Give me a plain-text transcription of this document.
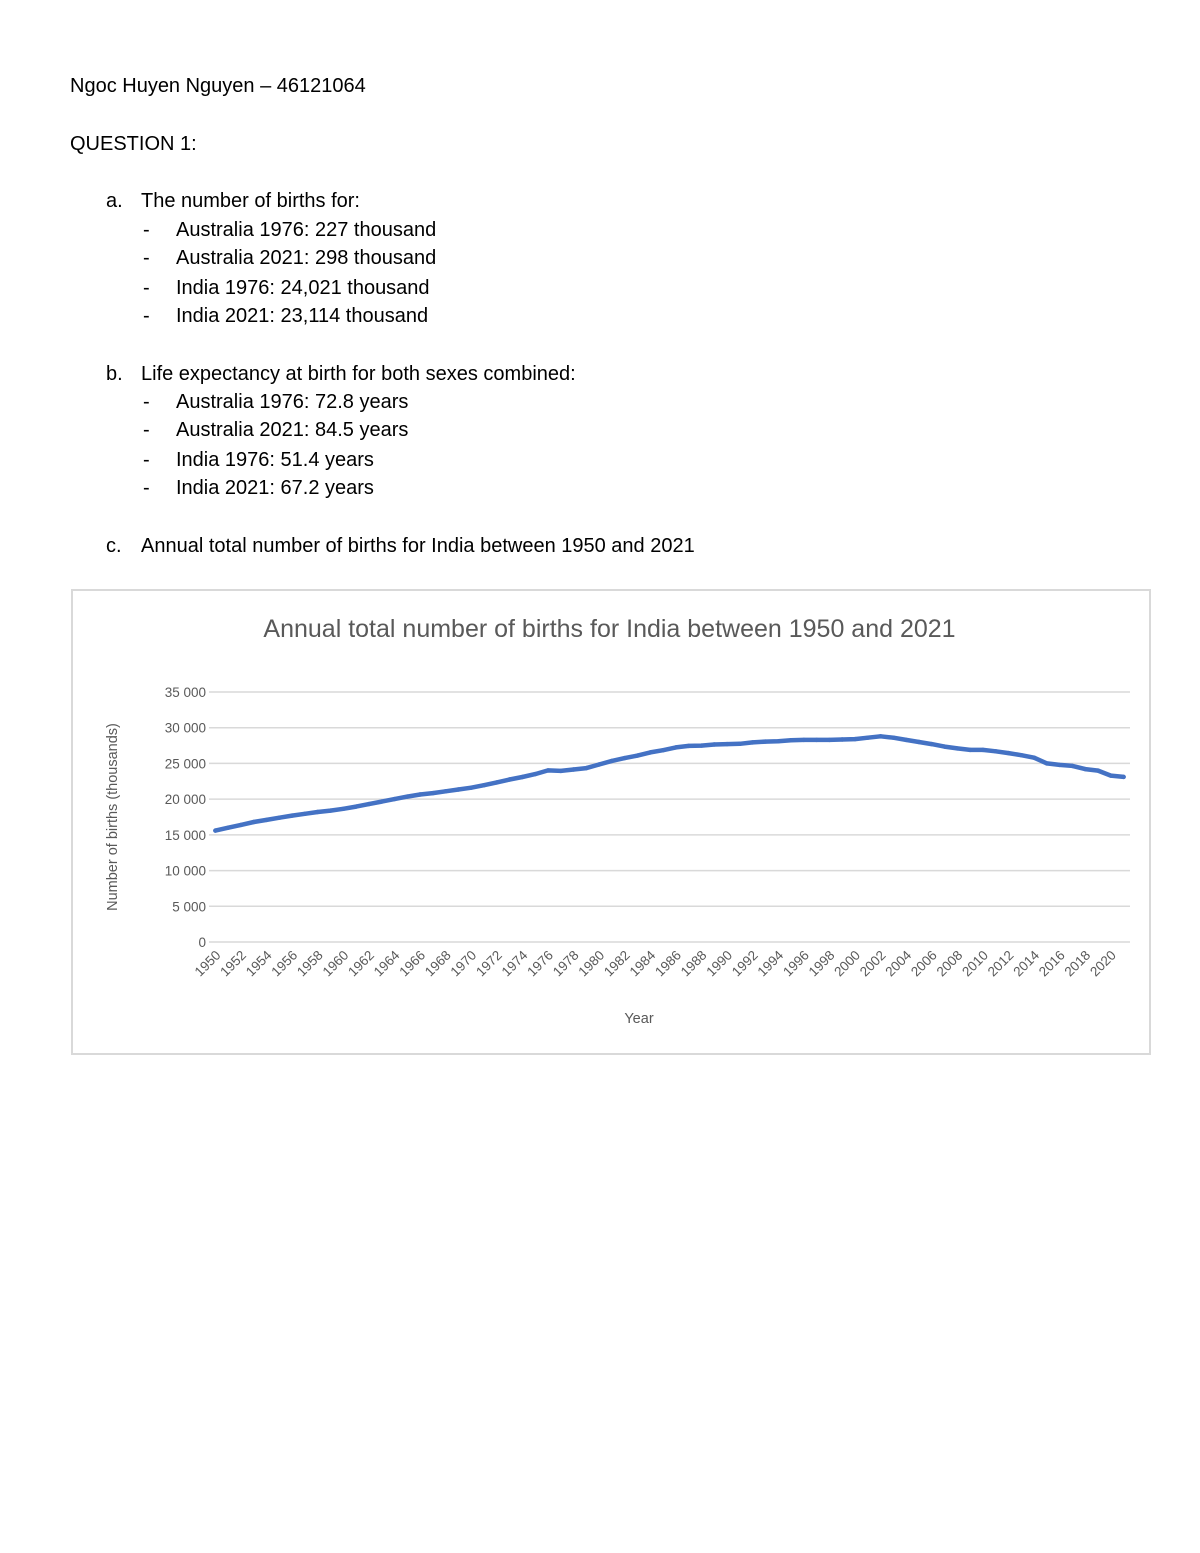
Ngoc Huyen Nguyen – 46121064
QUESTION 1:
a. The number of births for:
- Australia 1976: 227 thousand
- Australia 2021: 298 thousand
- India 1976: 24,021 thousand
- India 2021: 23,114 thousand
b. Life expectancy at birth for both sexes combined:
- Australia 1976: 72.8 years
- Australia 2021: 84.5 years
- India 1976: 51.4 years
- India 2021: 67.2 years
c. Annual total number of births for India between 1950 and 2021
Annual total number of births for India between 1950 and 2021
0
5 000
10 000
15 000
20 000
25 000
30 000
35 000
1950
1952
1954
1956
1958
1960
1962
1964
1966
1968
1970
1972
1974
1976
1978
1980
1982
1984
1986
1988
1990
1992
1994
1996
1998
2000
2002
2004
2006
2008
2010
2012
2014
2016
2018
2020
Year
Number of births (thousands)
